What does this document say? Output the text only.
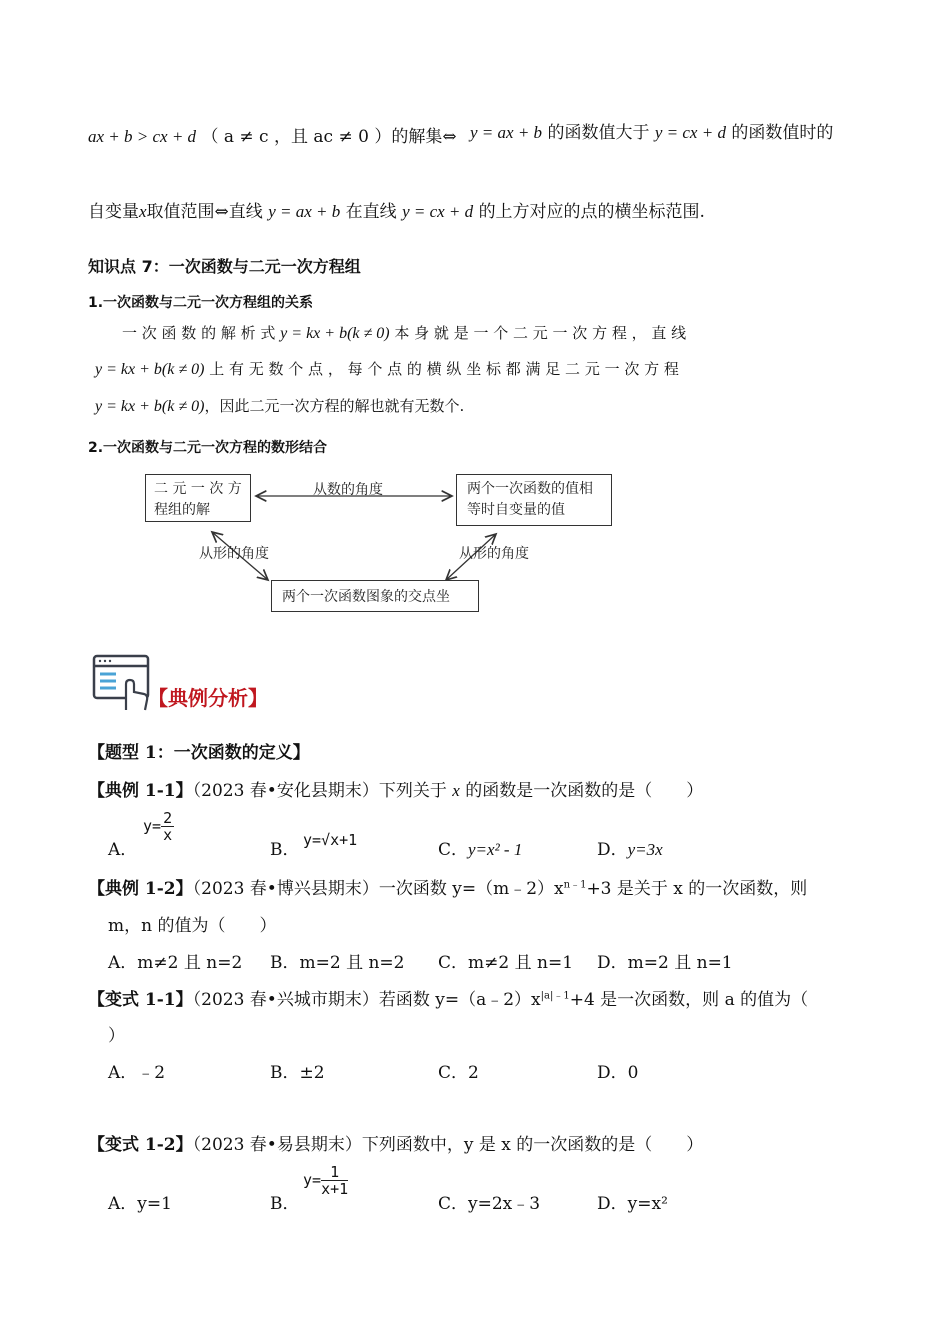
ax + b > cx + d （ a ≠ c ，且 ac ≠ 0 ）的解集⇔ y = ax + b 的函数值大于 y = cx + d 的函数值时的
自变量x取值范围⇔直线 y = ax + b 在直线 y = cx + d 的上方对应的点的横坐标范围.
知识点 7：一次函数与二元一次方程组
1.一次函数与二元一次方程组的关系
一 次 函 数 的 解 析 式 y = kx + b(k ≠ 0) 本 身 就 是 一 个 二 元 一 次 方 程 ， 直 线
y = kx + b(k ≠ 0) 上 有 无 数 个 点 ， 每 个 点 的 横 纵 坐 标 都 满 足 二 元 一 次 方 程
y = kx + b(k ≠ 0)，因此二元一次方程的解也就有无数个.
2.一次函数与二元一次方程的数形结合
二 元 一 次 方
程组的解
两个一次函数的值相
等时自变量的值
两个一次函数图象的交点坐
从数的角度
从形的角度	从形的角度
【典例分析】
【题型 1：一次函数的定义】
【典例 1-1】（2023 春•安化县期末）下列关于 x 的函数是一次函数的是（　　）
A．
$y= \frac{2}{x}$
B． y=√x+1	C．y=x² - 1	D．y=3x
【典例 1-2】（2023 春•博兴县期末）一次函数 $y=(m﹣2)x^{n﹣1}+3$ 是关于 x 的一次函数，则
m，n 的值为（　　）
A．m≠2 且 n=2 B．m=2 且 n=2 C．m≠2 且 n=1 D．m=2 且 n=1
【变式 1-1】（2023 春•兴城市期末）若函数 $y=(a﹣2)x^{|a|﹣1}+4$ 是一次函数，则 a 的值为（
）
A．﹣2	B．±2	C．2	D．0
【变式 1-2】（2023 春•易县期末）下列函数中，y 是 x 的一次函数的是（　　）
A．y=1	B．
$y= \frac{1}{x+1}$
C．y=2x﹣3	D．y=x²
